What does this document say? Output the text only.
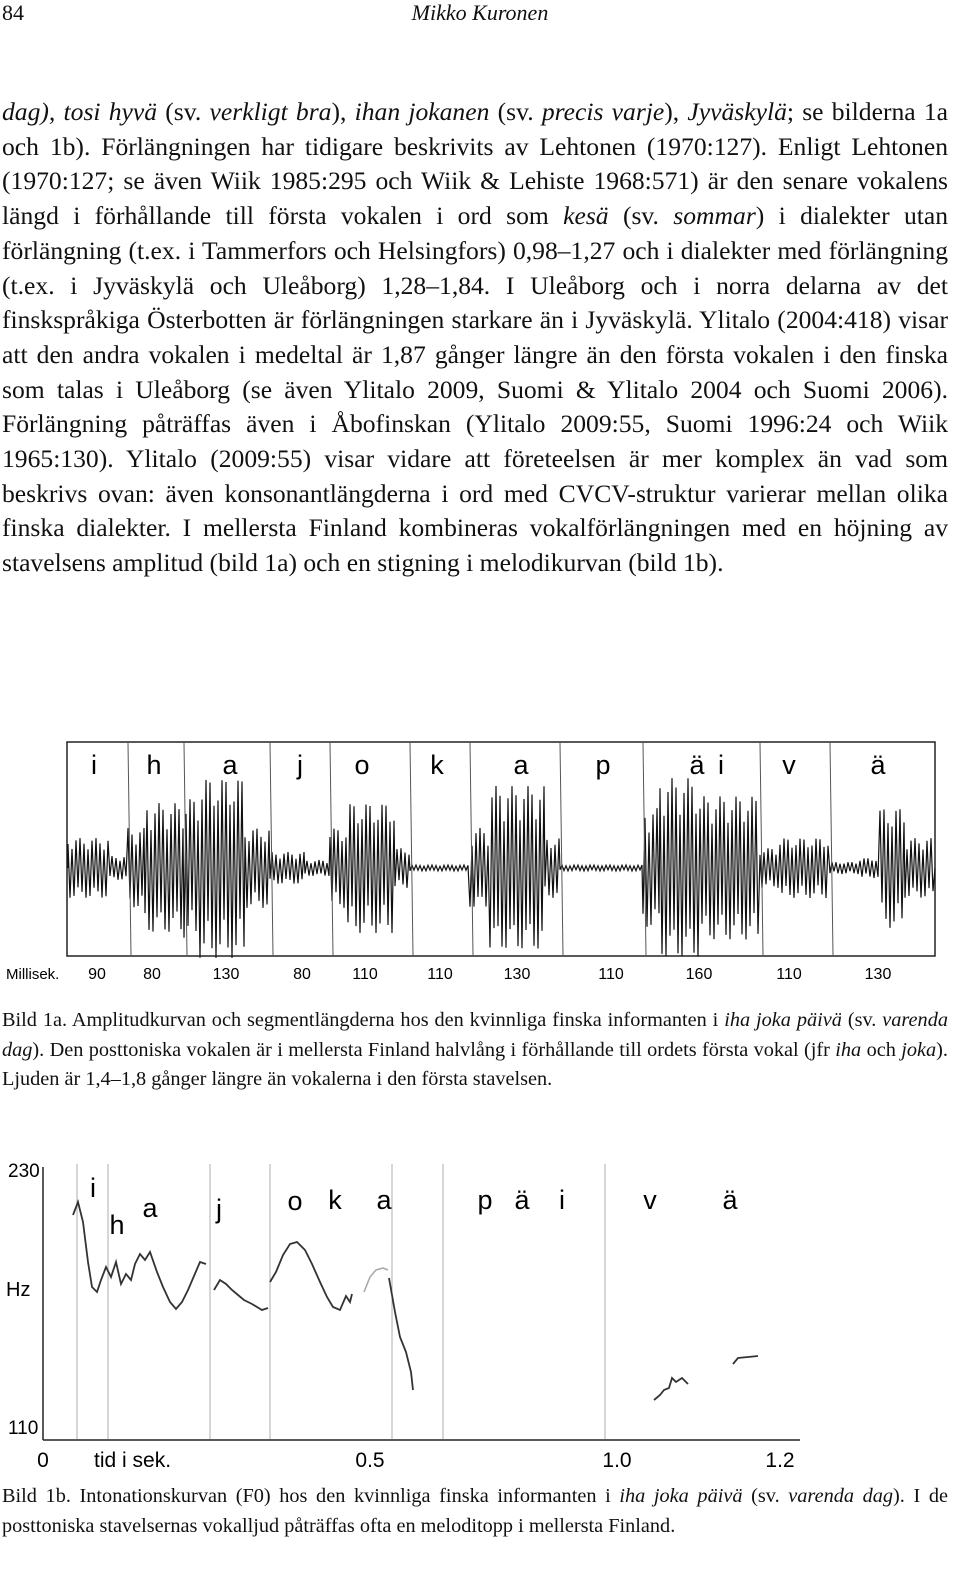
84	Mikko Kuronen

dag), tosi hyvä (sv. verkligt bra), ihan jokanen (sv. precis varje), Jyväskylä; se bilderna 1a och 1b). Förlängningen har tidigare beskrivits av Lehtonen (1970:127). Enligt Lehtonen (1970:127; se även Wiik 1985:295 och Wiik & Lehiste 1968:571) är den senare vokalens längd i förhållande till första vokalen i ord som kesä (sv. sommar) i dialekter utan förlängning (t.ex. i Tammerfors och Helsingfors) 0,98–1,27 och i dialekter med förlängning (t.ex. i Jyväskylä och Uleåborg) 1,28–1,84. I Uleåborg och i norra delarna av det finskspråkiga Österbotten är förlängningen starkare än i Jyväskylä. Ylitalo (2004:418) visar att den andra vokalen i medeltal är 1,87 gånger längre än den första vokalen i den finska som talas i Uleåborg (se även Ylitalo 2009, Suomi & Ylitalo 2004 och Suomi 2006). Förlängning påträffas även i Åbofinskan (Ylitalo 2009:55, Suomi 1996:24 och Wiik 1965:130). Ylitalo (2009:55) visar vidare att företeelsen är mer komplex än vad som beskrivs ovan: även konsonantlängderna i ord med CVCV-struktur varierar mellan olika finska dialekter. I mellersta Finland kombineras vokalförlängningen med en höjning av stavelsens amplitud (bild 1a) och en stigning i melodikurvan (bild 1b).

i h a j o k	a p	ä i v	ä
Millisek. 90 80	130	80	110	110	130	110	160	110	130

Bild 1a. Amplitudkurvan och segmentlängderna hos den kvinnliga finska informanten i iha joka päivä (sv. varenda dag). Den posttoniska vokalen är i mellersta Finland halvlång i förhållande till ordets första vokal (jfr iha och joka). Ljuden är 1,4–1,8 gånger längre än vokalerna i den första stavelsen.

230
Hz
110
tid i sek.
0	0.5	1.0	1.2
i
h
a j o k a	p ä i	v ä

Bild 1b. Intonationskurvan (F0) hos den kvinnliga finska informanten i iha joka päivä (sv. varenda dag). I de posttoniska stavelsernas vokalljud påträffas ofta en meloditopp i mellersta Finland.
